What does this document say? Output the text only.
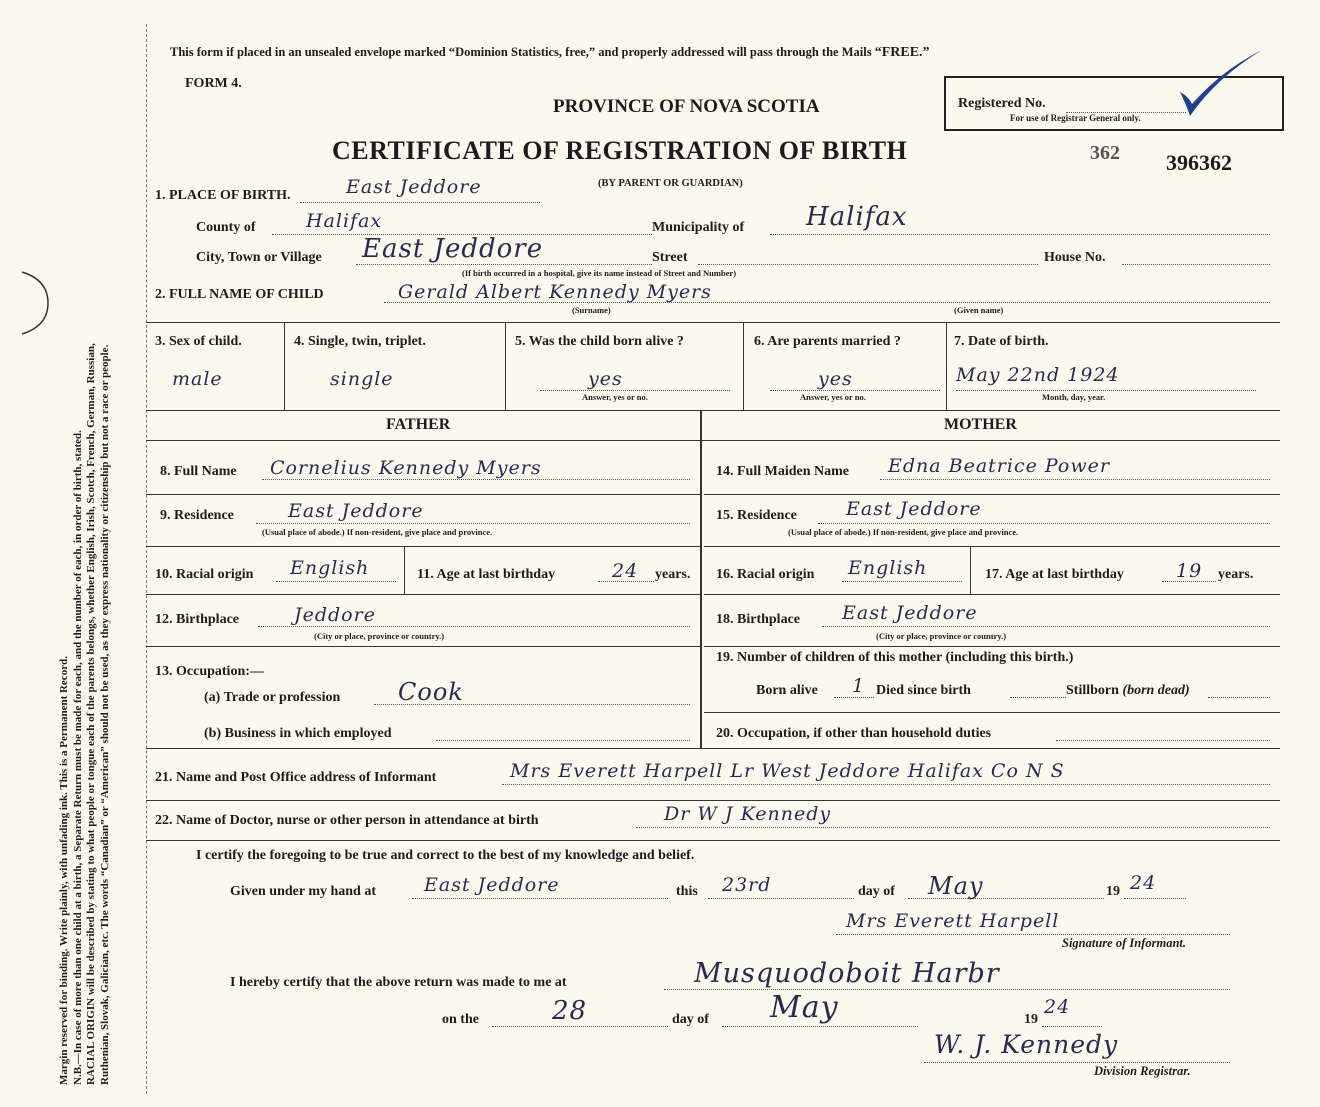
Margin reserved for binding. Write plainly, with unfading ink. This is a Permanent Record. N.B.—In case of more than one child at a birth, a Separate Return must be made for each, and the number of each, in order of birth, stated. RACIAL ORIGIN will be described by stating to what people or tongue each of the parents belongs, whether English, Irish, Scotch, French, German, Russian, Ruthenian, Slovak, Galician, etc. The words “Canadian” or “American” should not be used, as they express nationality or citizenship but not a race or people.
This form if placed in an unsealed envelope marked “Dominion Statistics, free,” and properly addressed will pass through the Mails “FREE.”
FORM 4.
PROVINCE OF NOVA SCOTIA
CERTIFICATE OF REGISTRATION OF BIRTH	362 396362
(BY PARENT OR GUARDIAN)
Registered No.
For use of Registrar General only.
1. PLACE OF BIRTH.	East Jeddore
County of	Halifax	Municipality of Halifax
City, Town or Village East Jeddore	Street	House No.
(If birth occurred in a hospital, give its name instead of Street and Number)
2. FULL NAME OF CHILD	Gerald Albert Kennedy Myers
(Surname)	(Given name)
3. Sex of child.
male
4. Single, twin, triplet.
single
5. Was the child born alive ?
yes
Answer, yes or no.
6. Are parents married ?
yes
Answer, yes or no.
7. Date of birth.
May 22nd 1924
Month, day, year.
FATHER	MOTHER
8. Full Name Cornelius Kennedy Myers
9. Residence	East Jeddore
(Usual place of abode.) If non-resident, give place and province.
10. Racial origin English	11. Age at last birthday	24 years.
12. Birthplace	Jeddore
(City or place, province or country.)
13. Occupation:—
(a) Trade or profession Cook
(b) Business in which employed
14. Full Maiden Name Edna Beatrice Power
15. Residence	East Jeddore
(Usual place of abode.) If non-resident, give place and province.
16. Racial origin English	17. Age at last birthday	19 years.
18. Birthplace East Jeddore
(City or place, province or country.)
19. Number of children of this mother (including this birth.)
Born alive 1 Died since birth	Stillborn (born dead)
20. Occupation, if other than household duties
21. Name and Post Office address of Informant	Mrs Everett Harpell Lr West Jeddore Halifax Co N S
22. Name of Doctor, nurse or other person in attendance at birth	Dr W J Kennedy
I certify the foregoing to be true and correct to the best of my knowledge and belief.
Given under my hand at	East Jeddore	this 23rd	day of May	19 24
Mrs Everett Harpell
Signature of Informant.
I hereby certify that the above return was made to me at	Musquodoboit Harbr
on the	28	day of May	19
24
W. J. Kennedy
Division Registrar.
